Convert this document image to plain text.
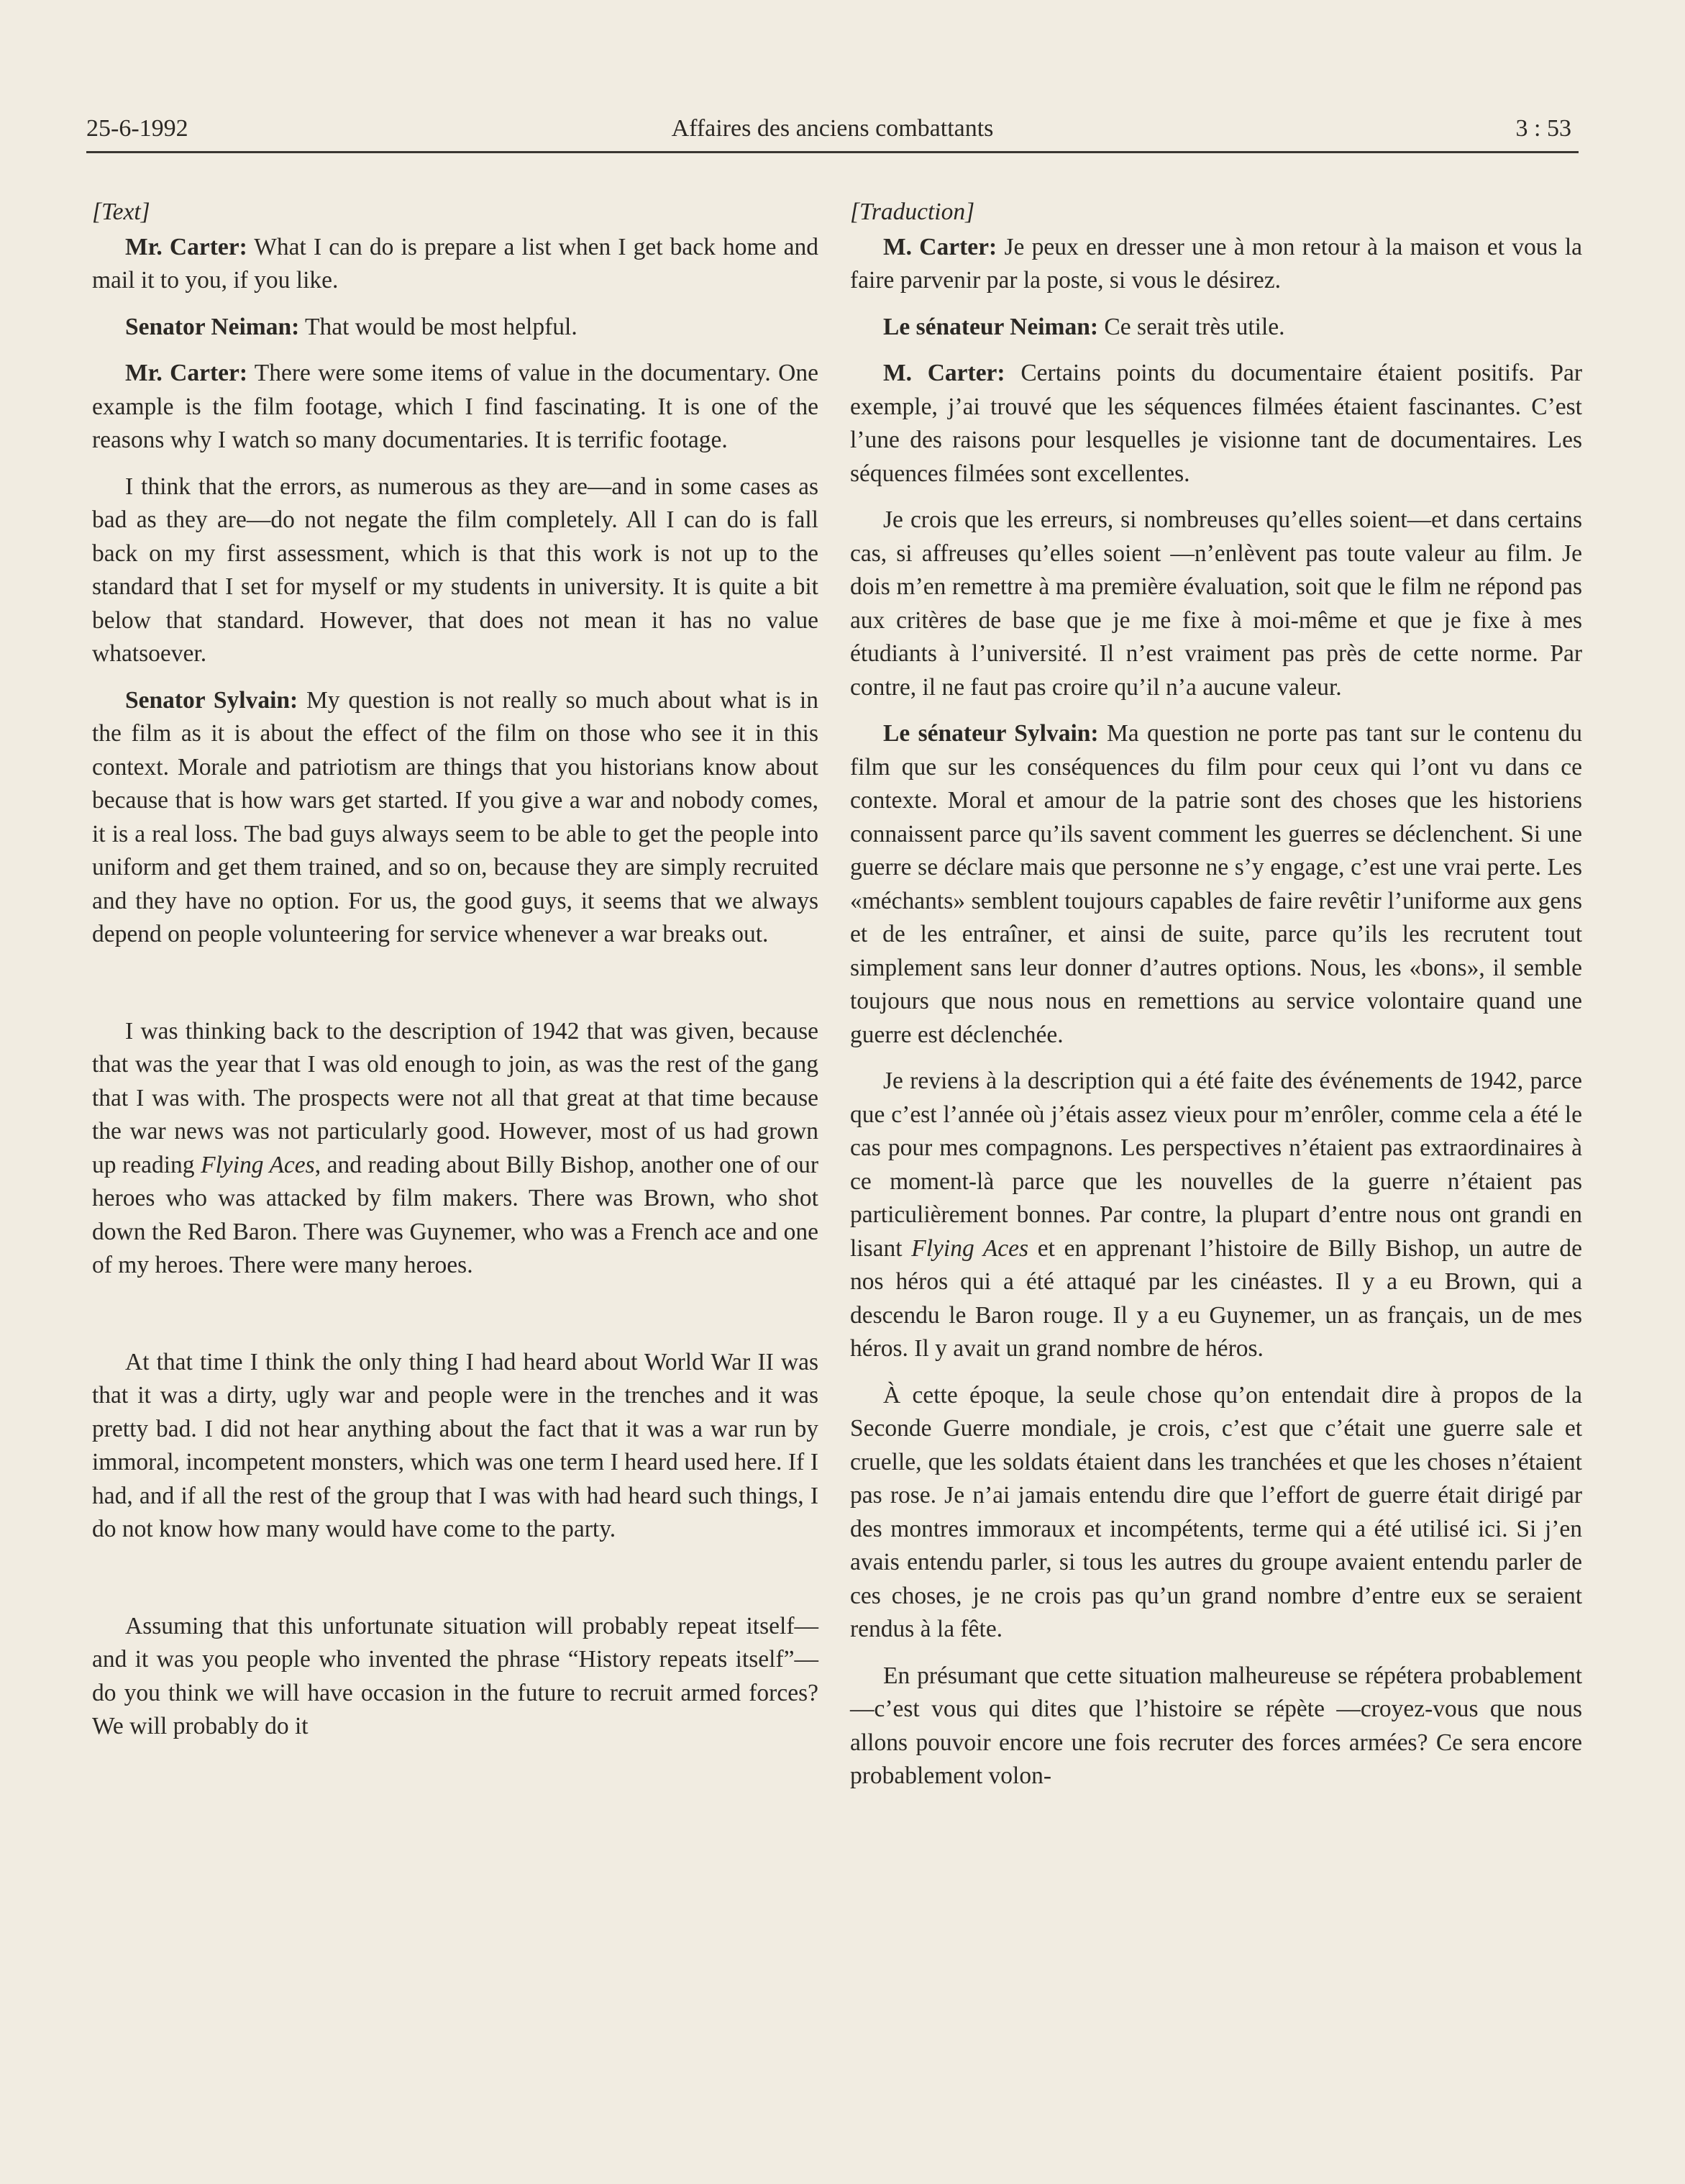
25-6-1992	Affaires des anciens combattants	3 : 53

[Text]

Mr. Carter: What I can do is prepare a list when I get back home and mail it to you, if you like.

Senator Neiman: That would be most helpful.

Mr. Carter: There were some items of value in the documentary. One example is the film footage, which I find fascinating. It is one of the reasons why I watch so many documentaries. It is terrific footage.

I think that the errors, as numerous as they are—and in some cases as bad as they are—do not negate the film completely. All I can do is fall back on my first assessment, which is that this work is not up to the standard that I set for myself or my students in university. It is quite a bit below that standard. However, that does not mean it has no value whatsoever.

Senator Sylvain: My question is not really so much about what is in the film as it is about the effect of the film on those who see it in this context. Morale and patriotism are things that you historians know about because that is how wars get started. If you give a war and nobody comes, it is a real loss. The bad guys always seem to be able to get the people into uniform and get them trained, and so on, because they are simply recruited and they have no option. For us, the good guys, it seems that we always depend on people volunteering for service whenever a war breaks out.

I was thinking back to the description of 1942 that was given, because that was the year that I was old enough to join, as was the rest of the gang that I was with. The prospects were not all that great at that time because the war news was not particularly good. However, most of us had grown up reading Flying Aces, and reading about Billy Bishop, another one of our heroes who was attacked by film makers. There was Brown, who shot down the Red Baron. There was Guynemer, who was a French ace and one of my heroes. There were many heroes.

At that time I think the only thing I had heard about World War II was that it was a dirty, ugly war and people were in the trenches and it was pretty bad. I did not hear anything about the fact that it was a war run by immoral, incompetent monsters, which was one term I heard used here. If I had, and if all the rest of the group that I was with had heard such things, I do not know how many would have come to the party.

Assuming that this unfortunate situation will probably repeat itself—and it was you people who invented the phrase “History repeats itself”—do you think we will have occasion in the future to recruit armed forces? We will probably do it

[Traduction]

M. Carter: Je peux en dresser une à mon retour à la maison et vous la faire parvenir par la poste, si vous le désirez.

Le sénateur Neiman: Ce serait très utile.

M. Carter: Certains points du documentaire étaient positifs. Par exemple, j’ai trouvé que les séquences filmées étaient fascinantes. C’est l’une des raisons pour lesquelles je visionne tant de documentaires. Les séquences filmées sont excellentes.

Je crois que les erreurs, si nombreuses qu’elles soient—et dans certains cas, si affreuses qu’elles soient —n’enlèvent pas toute valeur au film. Je dois m’en remettre à ma première évaluation, soit que le film ne répond pas aux critères de base que je me fixe à moi-même et que je fixe à mes étudiants à l’université. Il n’est vraiment pas près de cette norme. Par contre, il ne faut pas croire qu’il n’a aucune valeur.

Le sénateur Sylvain: Ma question ne porte pas tant sur le contenu du film que sur les conséquences du film pour ceux qui l’ont vu dans ce contexte. Moral et amour de la patrie sont des choses que les historiens connaissent parce qu’ils savent comment les guerres se déclenchent. Si une guerre se déclare mais que personne ne s’y engage, c’est une vrai perte. Les «méchants» semblent toujours capables de faire revêtir l’uniforme aux gens et de les entraîner, et ainsi de suite, parce qu’ils les recrutent tout simplement sans leur donner d’autres options. Nous, les «bons», il semble toujours que nous nous en remettions au service volontaire quand une guerre est déclenchée.

Je reviens à la description qui a été faite des événements de 1942, parce que c’est l’année où j’étais assez vieux pour m’enrôler, comme cela a été le cas pour mes compagnons. Les perspectives n’étaient pas extraordinaires à ce moment-là parce que les nouvelles de la guerre n’étaient pas particulièrement bonnes. Par contre, la plupart d’entre nous ont grandi en lisant Flying Aces et en apprenant l’histoire de Billy Bishop, un autre de nos héros qui a été attaqué par les cinéastes. Il y a eu Brown, qui a descendu le Baron rouge. Il y a eu Guynemer, un as français, un de mes héros. Il y avait un grand nombre de héros.

À cette époque, la seule chose qu’on entendait dire à propos de la Seconde Guerre mondiale, je crois, c’est que c’était une guerre sale et cruelle, que les soldats étaient dans les tranchées et que les choses n’étaient pas rose. Je n’ai jamais entendu dire que l’effort de guerre était dirigé par des montres immoraux et incompétents, terme qui a été utilisé ici. Si j’en avais entendu parler, si tous les autres du groupe avaient entendu parler de ces choses, je ne crois pas qu’un grand nombre d’entre eux se seraient rendus à la fête.

En présumant que cette situation malheureuse se répétera probablement—c’est vous qui dites que l’histoire se répète —croyez-vous que nous allons pouvoir encore une fois recruter des forces armées? Ce sera encore probablement volon-
